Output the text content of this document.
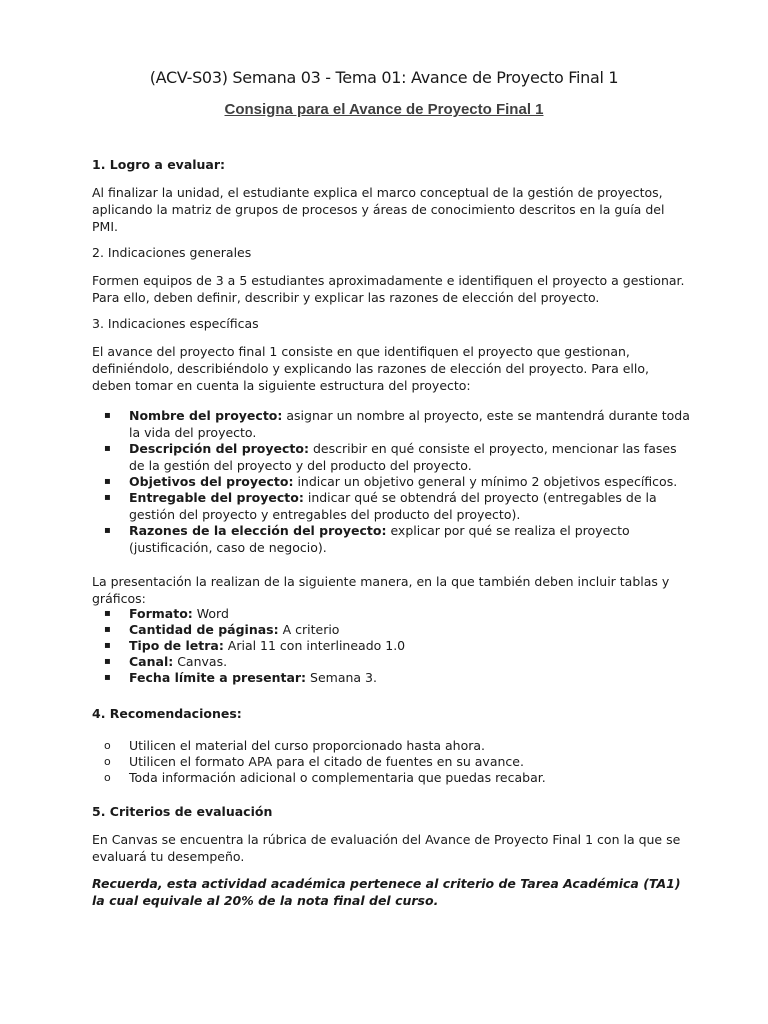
(ACV-S03) Semana 03 - Tema 01: Avance de Proyecto Final 1
Consigna para el Avance de Proyecto Final 1
1. Logro a evaluar:
Al finalizar la unidad, el estudiante explica el marco conceptual de la gestión de proyectos, aplicando la matriz de grupos de procesos y áreas de conocimiento descritos en la guía del PMI.
2. Indicaciones generales
Formen equipos de 3 a 5 estudiantes aproximadamente e identifiquen el proyecto a gestionar. Para ello, deben definir, describir y explicar las razones de elección del proyecto.
3. Indicaciones específicas
El avance del proyecto final 1 consiste en que identifiquen el proyecto que gestionan, definiéndolo, describiéndolo y explicando las razones de elección del proyecto. Para ello, deben tomar en cuenta la siguiente estructura del proyecto:
▪	Nombre del proyecto: asignar un nombre al proyecto, este se mantendrá durante toda la vida del proyecto.
▪	Descripción del proyecto: describir en qué consiste el proyecto, mencionar las fases de la gestión del proyecto y del producto del proyecto.
▪	Objetivos del proyecto: indicar un objetivo general y mínimo 2 objetivos específicos.
▪	Entregable del proyecto: indicar qué se obtendrá del proyecto (entregables de la gestión del proyecto y entregables del producto del proyecto).
▪	Razones de la elección del proyecto: explicar por qué se realiza el proyecto (justificación, caso de negocio).
La presentación la realizan de la siguiente manera, en la que también deben incluir tablas y gráficos:
▪	Formato: Word
▪	Cantidad de páginas: A criterio
▪	Tipo de letra: Arial 11 con interlineado 1.0
▪	Canal: Canvas.
▪	Fecha límite a presentar: Semana 3.
4. Recomendaciones:
o	Utilicen el material del curso proporcionado hasta ahora.
o	Utilicen el formato APA para el citado de fuentes en su avance.
o	Toda información adicional o complementaria que puedas recabar.
5. Criterios de evaluación
En Canvas se encuentra la rúbrica de evaluación del Avance de Proyecto Final 1 con la que se evaluará tu desempeño.
Recuerda, esta actividad académica pertenece al criterio de Tarea Académica (TA1) la cual equivale al 20% de la nota final del curso.
